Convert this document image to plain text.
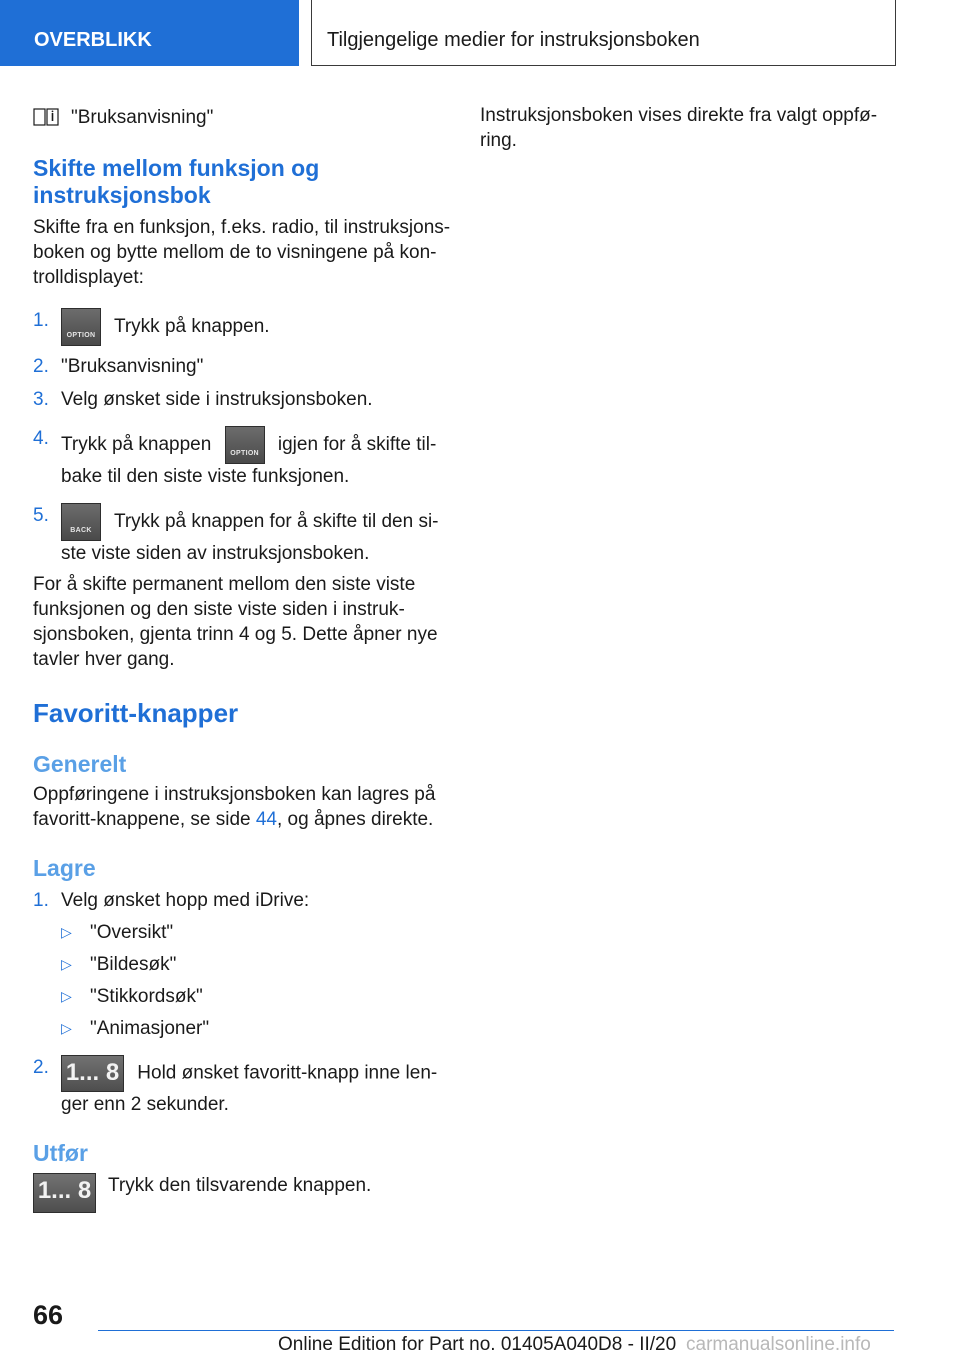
OVERBLIKK	Tilgjengelige medier for instruksjonsboken
"Bruksanvisning"
Skifte mellom funksjon og instruksjonsbok

Skifte fra en funksjon, f.eks. radio, til instruksjonsboken og bytte mellom de to visningene på kontrolldisplayet:

1.
OPTION Trykk på knappen.
2. "Bruksanvisning"
3. Velg ønsket side i instruksjonsboken.
4. Trykk på knappen	OPTION igjen for å skifte tilbake til den siste viste funksjonen.
5.
BACK	Trykk på knappen for å skifte til den siste viste siden av instruksjonsboken.

For å skifte permanent mellom den siste viste funksjonen og den siste viste siden i instruksjonsboken, gjenta trinn 4 og 5. Dette åpner nye tavler hver gang.

Favoritt-knapper
Generelt

Oppføringene i instruksjonsboken kan lagres på favoritt-knappene, se side 44, og åpnes direkte.

Lagre
1. Velg ønsket hopp med iDrive:
▷ "Oversikt"
▷ "Bildesøk"
▷ "Stikkordsøk"
▷ "Animasjoner"
2. 1... 8 Hold ønsket favoritt-knapp inne lenger enn 2 sekunder.
Utfør
1... 8 Trykk den tilsvarende knappen.

Instruksjonsboken vises direkte fra valgt oppføring.

66
Online Edition for Part no. 01405A040D8 - II/20 carmanualsonline.info
